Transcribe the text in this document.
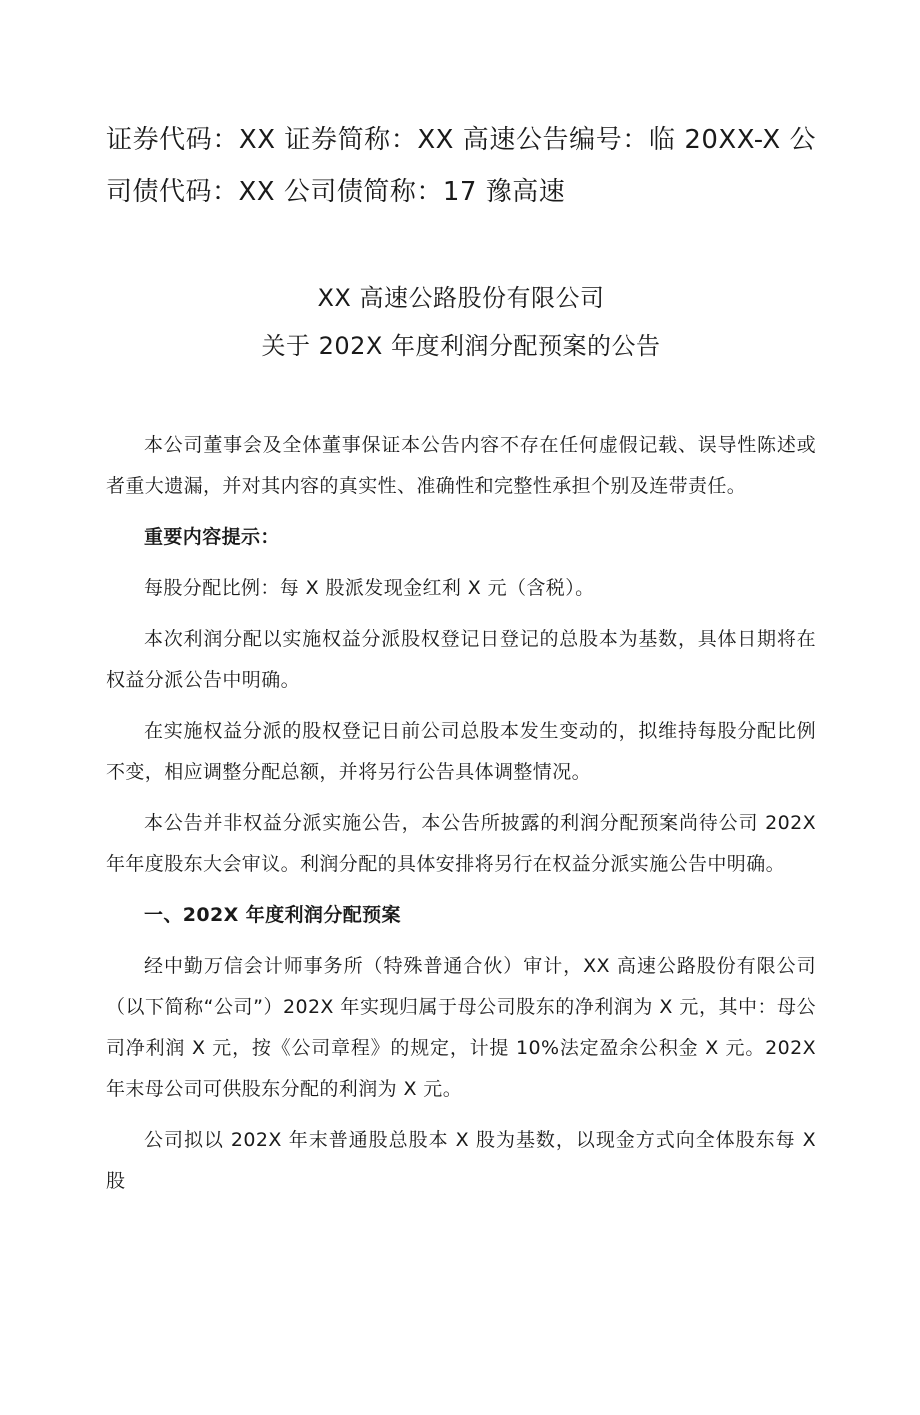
证券代码：XX 证券简称：XX 高速公告编号：临 20XX-X 公司债代码：XX 公司债简称：17 豫高速
XX 高速公路股份有限公司
关于 202X 年度利润分配预案的公告

本公司董事会及全体董事保证本公告内容不存在任何虚假记载、误导性陈述或者重大遗漏，并对其内容的真实性、准确性和完整性承担个别及连带责任。

重要内容提示：

每股分配比例：每 X 股派发现金红利 X 元（含税）。

本次利润分配以实施权益分派股权登记日登记的总股本为基数，具体日期将在权益分派公告中明确。

在实施权益分派的股权登记日前公司总股本发生变动的，拟维持每股分配比例不变，相应调整分配总额，并将另行公告具体调整情况。

本公告并非权益分派实施公告，本公告所披露的利润分配预案尚待公司 202X 年年度股东大会审议。利润分配的具体安排将另行在权益分派实施公告中明确。

一、202X 年度利润分配预案

经中勤万信会计师事务所（特殊普通合伙）审计，XX 高速公路股份有限公司（以下简称“公司”）202X 年实现归属于母公司股东的净利润为 X 元，其中：母公司净利润 X 元，按《公司章程》的规定，计提 10%法定盈余公积金 X 元。202X 年末母公司可供股东分配的利润为 X 元。

公司拟以 202X 年末普通股总股本 X 股为基数，以现金方式向全体股东每 X 股
